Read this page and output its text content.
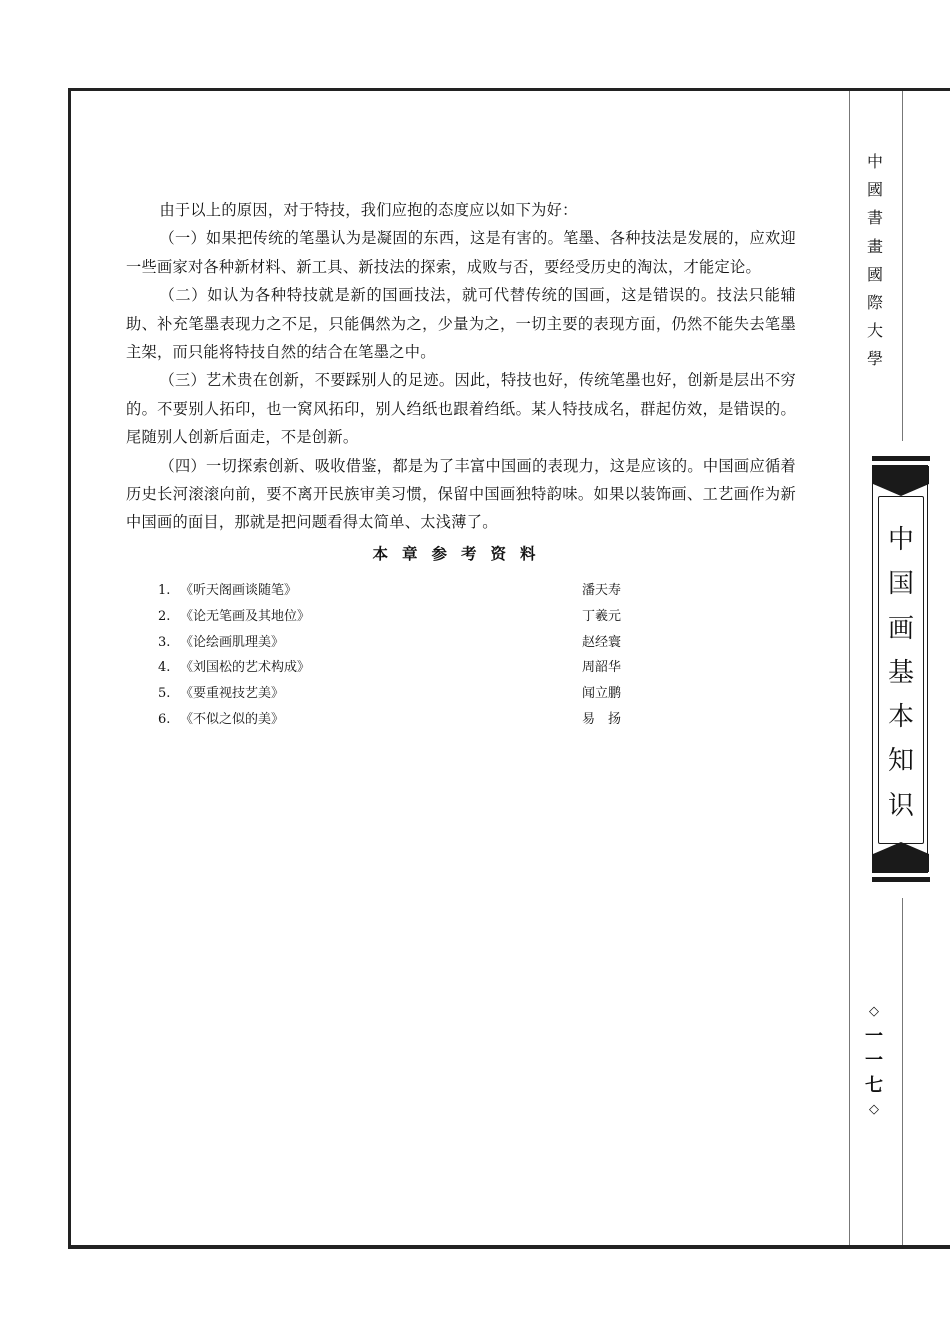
由于以上的原因，对于特技，我们应抱的态度应以如下为好：

（一）如果把传统的笔墨认为是凝固的东西，这是有害的。笔墨、各种技法是发展的，应欢迎一些画家对各种新材料、新工具、新技法的探索，成败与否，要经受历史的淘汰，才能定论。

（二）如认为各种特技就是新的国画技法，就可代替传统的国画，这是错误的。技法只能辅助、补充笔墨表现力之不足，只能偶然为之，少量为之，一切主要的表现方面，仍然不能失去笔墨主架，而只能将特技自然的结合在笔墨之中。

（三）艺术贵在创新，不要踩别人的足迹。因此，特技也好，传统笔墨也好，创新是层出不穷的。不要别人拓印，也一窝风拓印，别人绉纸也跟着绉纸。某人特技成名，群起仿效，是错误的。尾随别人创新后面走，不是创新。

（四）一切探索创新、吸收借鉴，都是为了丰富中国画的表现力，这是应该的。中国画应循着历史长河滚滚向前，要不离开民族审美习惯，保留中国画独特韵味。如果以装饰画、工艺画作为新中国画的面目，那就是把问题看得太简单、太浅薄了。

本章参考资料
1. 《听天阁画谈随笔》	潘天寿
2. 《论无笔画及其地位》	丁羲元
3. 《论绘画肌理美》	赵经寰
4. 《刘国松的艺术构成》	周韶华
5. 《要重视技艺美》	闻立鹏
6. 《不似之似的美》	易　扬
中
國
書
畫
國
際
大
學
中
国
画
基
本
知
识
◇
一
一
七
◇
